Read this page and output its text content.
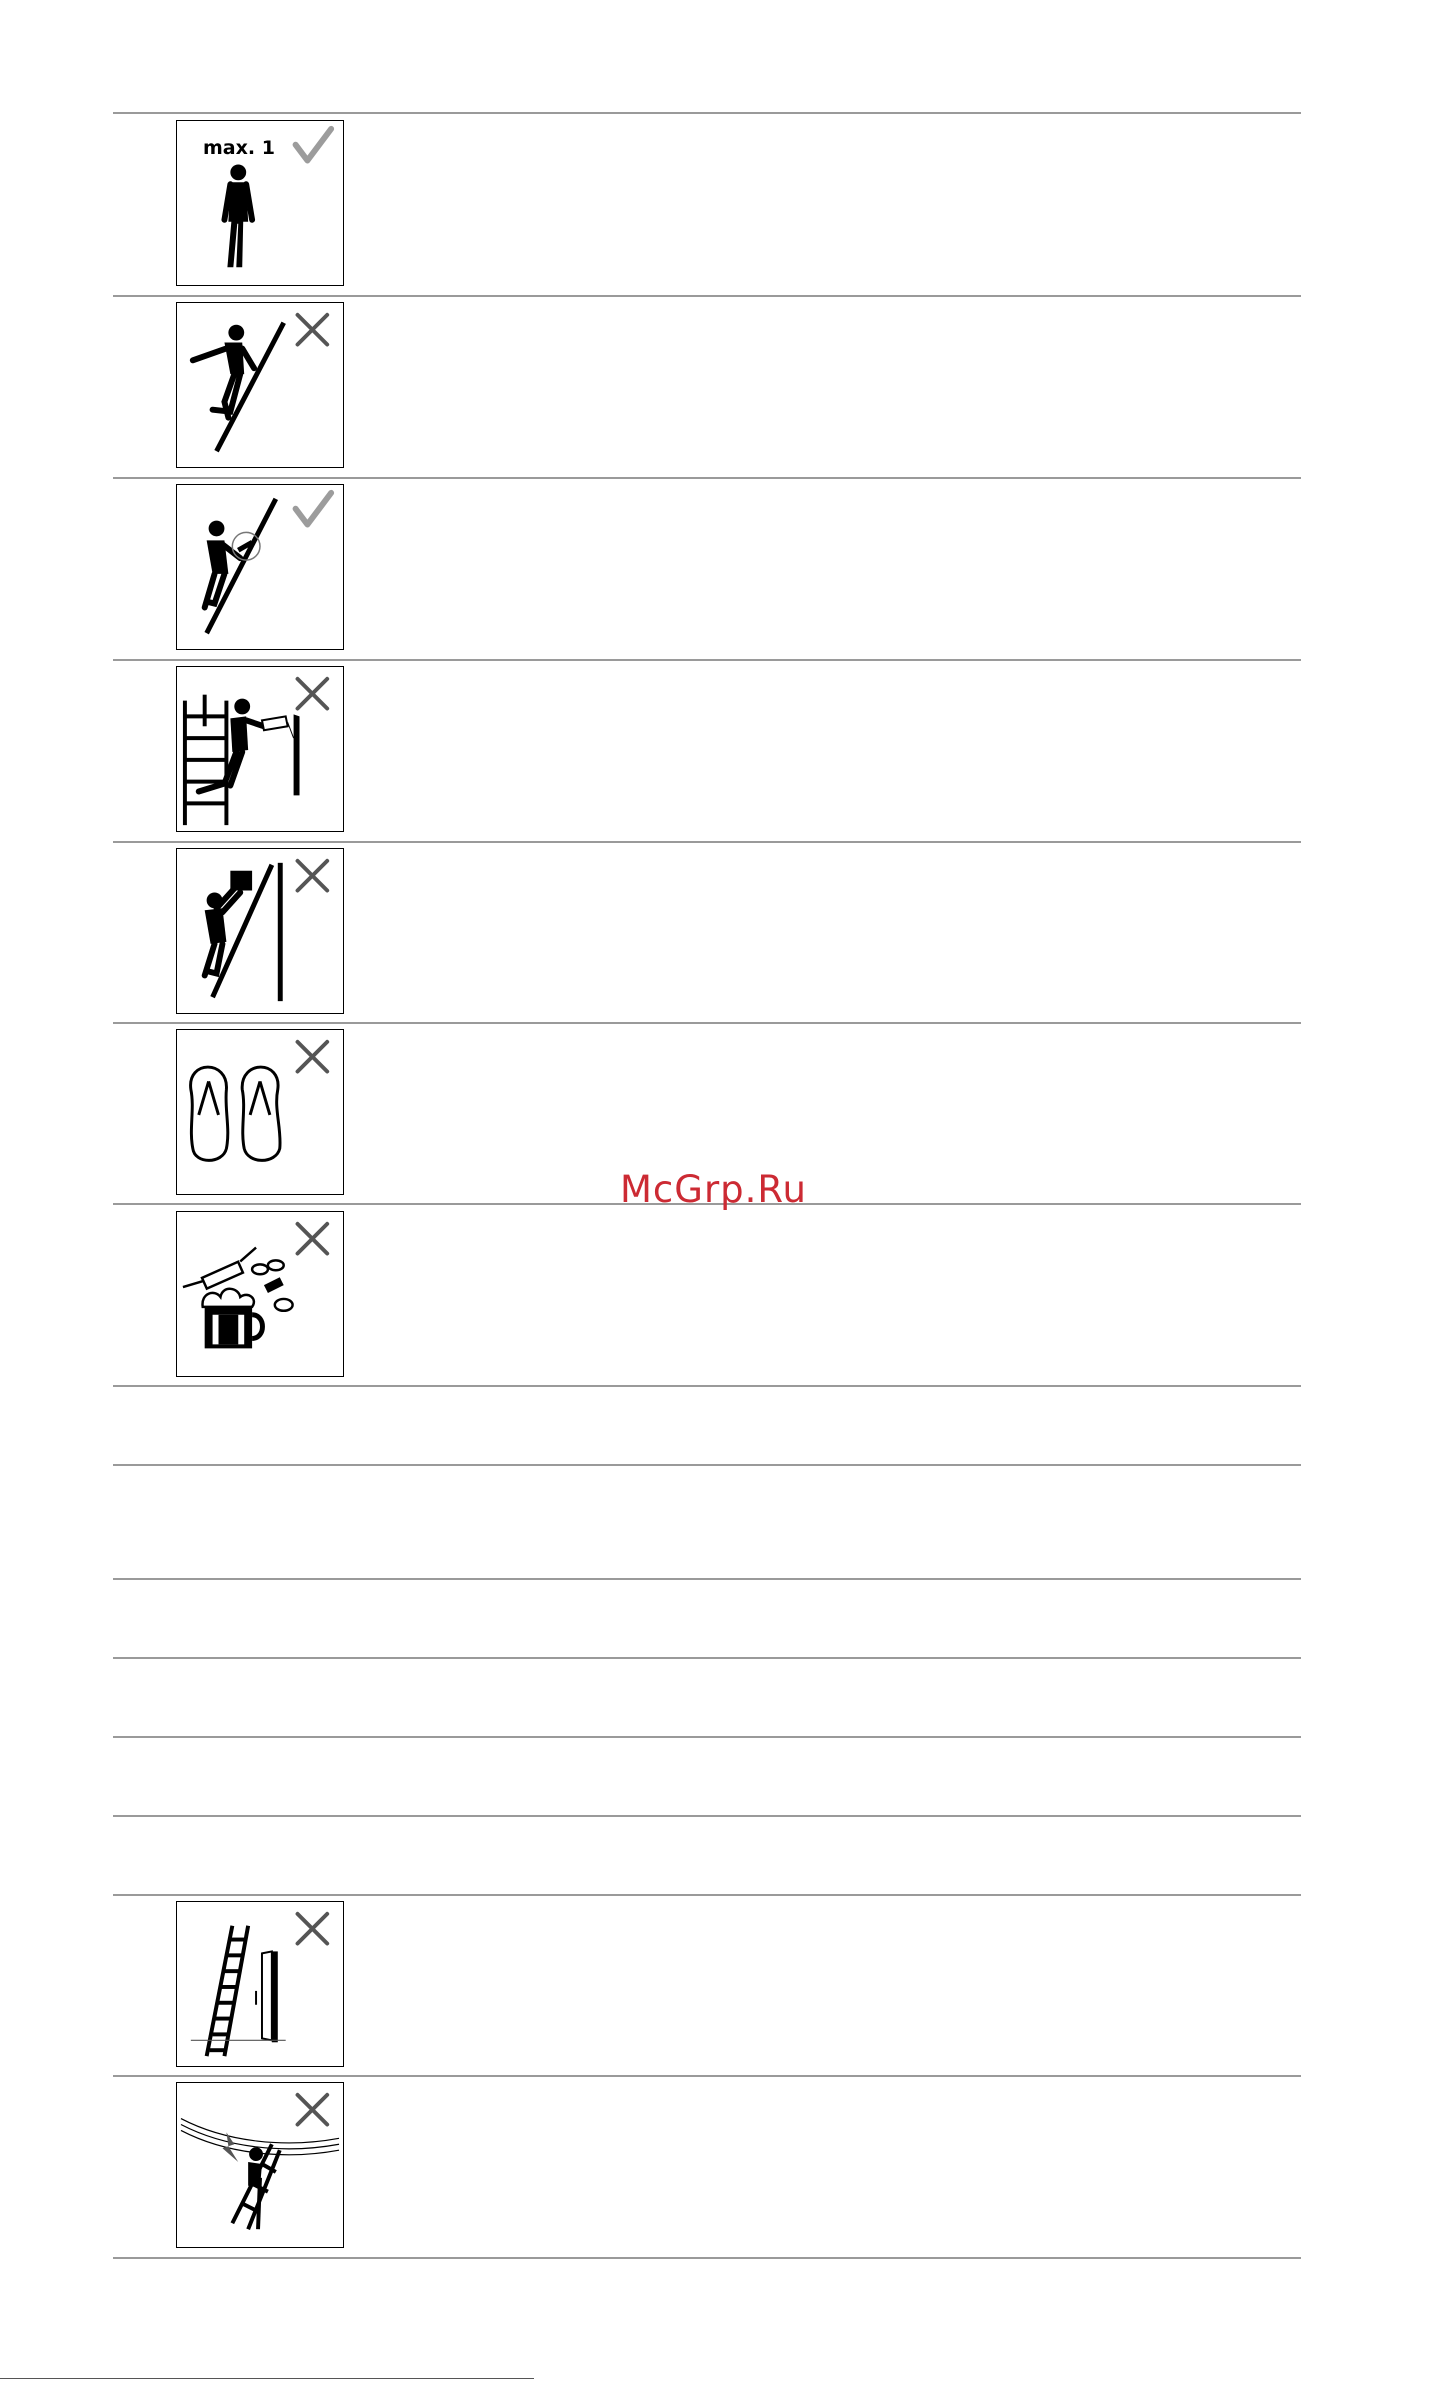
max. 1
McGrp.Ru
